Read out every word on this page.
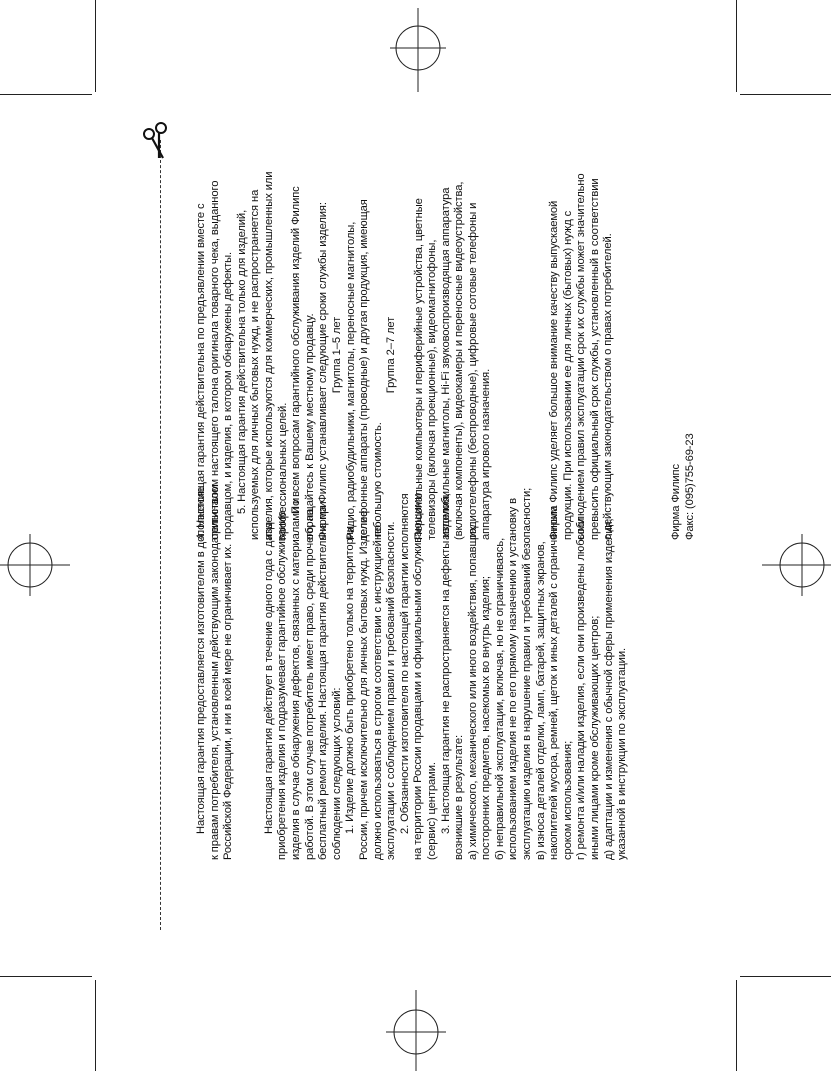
Настоящая гарантия предоставляется изготовителем в дополнение к правам потребителя, установленным действующим законодательством Российской Федерации, и ни в коей мере не ограничивает их.	Настоящая гарантия действует в течение одного года с даты приобретения изделия и подразумевает гарантийное обслуживание изделия в случае обнаружения дефектов, связанных с материалами и работой. В этом случае потребитель имеет право, среди прочего, на бесплатный ремонт изделия. Настоящая гарантия действительна при соблюдении следующих условий: 1. Изделие должно быть приобретено только на территории России, причем исключительно для личных бытовых нужд. Изделие должно использоваться в строгом соответствии с инструкцией по эксплуатации с соблюдением правил и требований безопасности. 2. Обязанности изготовителя по настоящей гарантии исполняются на территории России продавцами и официальными обслуживающими (сервис) центрами. 3. Настоящая гарантия не распространяется на дефекты изделия, возникшие в результате: а) химического, механического или иного воздействия, попавших посторонних предметов, насекомых во внутрь изделия; б) неправильной эксплуатации, включая, но не ограничиваясь, использованием изделия не по его прямому назначению и установку в эксплуатацию изделия в нарушение правил и требований безопасности; в) износа деталей отделки, ламп, батарей, защитных экранов, накопителей мусора, ремней, щеток и иных деталей с ограниченным сроком использования; г) ремонта и/или наладки изделия, если они произведены любыми иными лицами кроме обслуживающих центров; д) адаптации и изменения с обычной сферы применения изделия, указанной в инструкции по эксплуатации.
4. Настоящая гарантия действительна по предъявлении вместе с оригиналом настоящего талона оригинала товарного чека, выданного продавцом, и изделия, в котором обнаружены дефекты. 5. Настоящая гарантия действительна только для изделий, используемых для личных бытовых нужд, и не распространяется на изделия, которые используются для коммерческих, промышленных или профессиональных целей. По всем вопросам гарантийного обслуживания изделий Филипс обращайтесь к Вашему местному продавцу. Фирма Филипс устанавливает следующие сроки службы изделия: Группа 1–5 лет Радио, радиобудильники, магнитолы, переносные магнитолы, телефонные аппараты (проводные) и другая продукция, имеющая небольшую стоимость.
Группа 2–7 лет Персональные компьютеры и периферийные устройства, цветные телевизоры (включая проекционные), видеомагнитофоны, автомобильные магнитолы, Hi-Fi звуковоспроизводящая аппаратура (включая компоненты), видеокамеры и переносные видеоустройства, радиотелефоны (беспроводные), цифровые сотовые телефоны и аппаратура игрового назначения.	Фирма Филипс уделяет большое внимание качеству выпускаемой продукции. При использовании ее для личных (бытовых) нужд с соблюдением правил эксплуатации срок их службы может значительно превысить официальный срок службы, установленный в соответствии с действующим законодательством о правах потребителей.	Фирма Филипс Факс: (095)755-69-23
